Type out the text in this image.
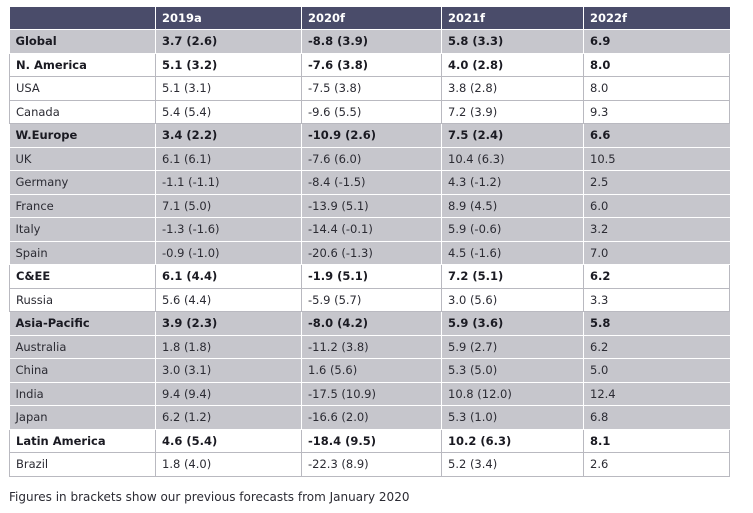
	2019a	2020f	2021f	2022f
Global	3.7 (2.6)	-8.8 (3.9)	5.8 (3.3)	6.9
N. America	5.1 (3.2)	-7.6 (3.8)	4.0 (2.8)	8.0
USA	5.1 (3.1)	-7.5 (3.8)	3.8 (2.8)	8.0
Canada	5.4 (5.4)	-9.6 (5.5)	7.2 (3.9)	9.3
W.Europe	3.4 (2.2)	-10.9 (2.6)	7.5 (2.4)	6.6
UK	6.1 (6.1)	-7.6 (6.0)	10.4 (6.3)	10.5
Germany	-1.1 (-1.1)	-8.4 (-1.5)	4.3 (-1.2)	2.5
France	7.1 (5.0)	-13.9 (5.1)	8.9 (4.5)	6.0
Italy	-1.3 (-1.6)	-14.4 (-0.1)	5.9 (-0.6)	3.2
Spain	-0.9 (-1.0)	-20.6 (-1.3)	4.5 (-1.6)	7.0
C&EE	6.1 (4.4)	-1.9 (5.1)	7.2 (5.1)	6.2
Russia	5.6 (4.4)	-5.9 (5.7)	3.0 (5.6)	3.3
Asia-Pacific	3.9 (2.3)	-8.0 (4.2)	5.9 (3.6)	5.8
Australia	1.8 (1.8)	-11.2 (3.8)	5.9 (2.7)	6.2
China	3.0 (3.1)	1.6 (5.6)	5.3 (5.0)	5.0
India	9.4 (9.4)	-17.5 (10.9)	10.8 (12.0)	12.4
Japan	6.2 (1.2)	-16.6 (2.0)	5.3 (1.0)	6.8
Latin America	4.6 (5.4)	-18.4 (9.5)	10.2 (6.3)	8.1
Brazil	1.8 (4.0)	-22.3 (8.9)	5.2 (3.4)	2.6
Figures in brackets show our previous forecasts from January 2020
